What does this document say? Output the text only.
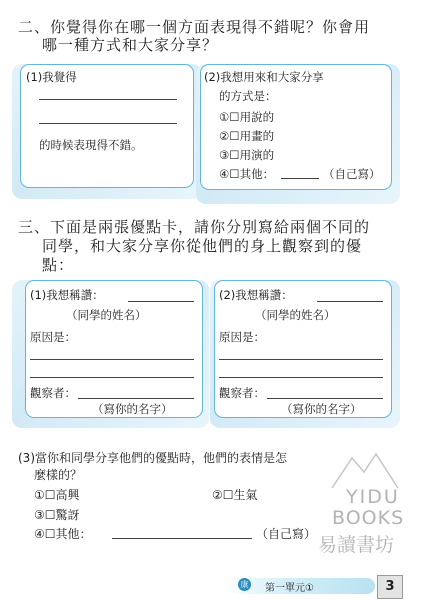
二、你覺得你在哪一個方面表現得不錯呢？你會用
哪一種方式和大家分享？
(1)我覺得
的時候表現得不錯。
(2)我想用來和大家分享
的方式是：
①☐用說的
②☐用畫的
③☐用演的
④☐其他：	（自己寫）
三、下面是兩張優點卡，請你分別寫給兩個不同的
同學，和大家分享你從他們的身上觀察到的優
點：
(1)我想稱讚：
（同學的姓名）
原因是：
觀察者：
（寫你的名字）
(2)我想稱讚：
（同學的姓名）
原因是：
觀察者：
（寫你的名字）
(3)當你和同學分享他們的優點時，他們的表情是怎
麼樣的？
①☐高興	②☐生氣
③☐驚訝
④☐其他：	（自己寫）
YIDU
BOOKS
易讀書坊
康 第一單元①	3
